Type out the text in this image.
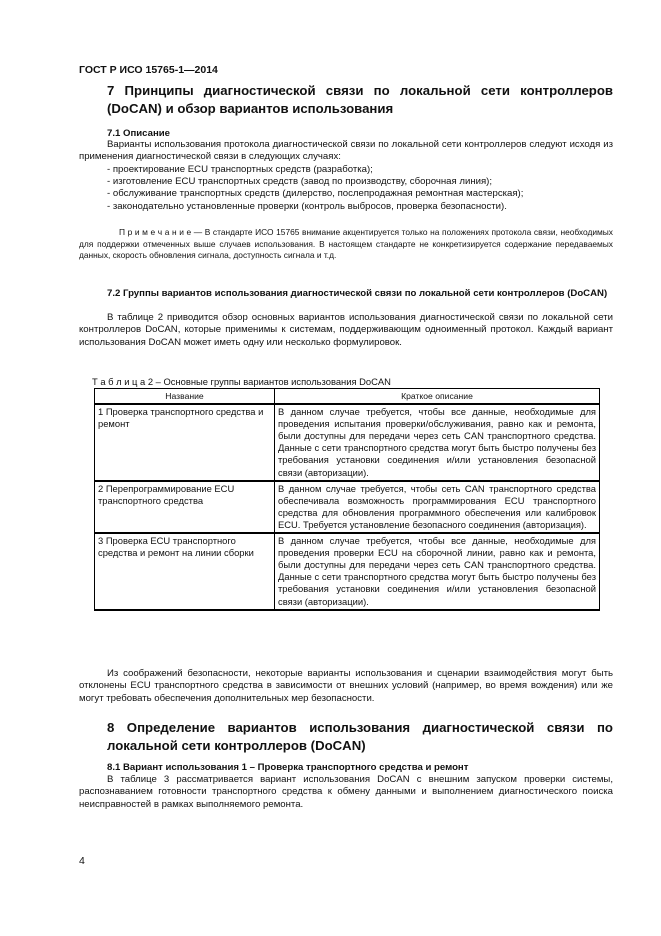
ГОСТ Р ИСО 15765-1—2014
7 Принципы диагностической связи по локальной сети контроллеров (DoCAN) и обзор вариантов использования
7.1 Описание
Варианты использования протокола диагностической связи по локальной сети контроллеров следуют исходя из применения диагностической связи в следующих случаях:
- проектирование ECU транспортных средств (разработка);
- изготовление ECU транспортных средств (завод по производству, сборочная линия);
- обслуживание транспортных средств (дилерство, послепродажная ремонтная мастерская);
- законодательно установленные проверки (контроль выбросов, проверка безопасности).
П р и м е ч а н и е — В стандарте ИСО 15765 внимание акцентируется только на положениях протокола связи, необходимых для поддержки отмеченных выше случаев использования. В настоящем стандарте не конкретизируется содержание передаваемых данных, скорость обновления сигнала, доступность сигнала и т.д.
7.2 Группы вариантов использования диагностической связи по локальной сети контроллеров (DoCAN)
В таблице 2 приводится обзор основных вариантов использования диагностической связи по локальной сети контроллеров DoCAN, которые применимы к системам, поддерживающим одноименный протокол. Каждый вариант использования DoCAN может иметь одну или несколько формулировок.
Т а б л и ц а 2 – Основные группы вариантов использования DoCAN
Название	Краткое описание
1 Проверка транспортного средства и ремонт	В данном случае требуется, чтобы все данные, необходимые для проведения испытания проверки/обслуживания, равно как и ремонта, были доступны для передачи через сеть CAN транспортного средства. Данные с сети транспортного средства могут быть быстро получены без требования установки соединения и/или установления безопасной связи (авторизации).
2 Перепрограммирование ECU транспортного средства	В данном случае требуется, чтобы сеть CAN транспортного средства обеспечивала возможность программирования ECU транспортного средства для обновления программного обеспечения или калибровок ECU. Требуется установление безопасного соединения (авторизация).
3 Проверка ECU транспортного средства и ремонт на линии сборки	В данном случае требуется, чтобы все данные, необходимые для проведения проверки ECU на сборочной линии, равно как и ремонта, были доступны для передачи через сеть CAN транспортного средства. Данные с сети транспортного средства могут быть быстро получены без требования установки соединения и/или установления безопасной связи (авторизации).
Из соображений безопасности, некоторые варианты использования и сценарии взаимодействия могут быть отклонены ECU транспортного средства в зависимости от внешних условий (например, во время вождения) или же могут требовать обеспечения дополнительных мер безопасности.
8 Определение вариантов использования диагностической связи по локальной сети контроллеров (DoCAN)
8.1 Вариант использования 1 – Проверка транспортного средства и ремонт
В таблице 3 рассматривается вариант использования DoCAN с внешним запуском проверки системы, распознаванием готовности транспортного средства к обмену данными и выполнением диагностического поиска неисправностей в рамках выполняемого ремонта.
4
